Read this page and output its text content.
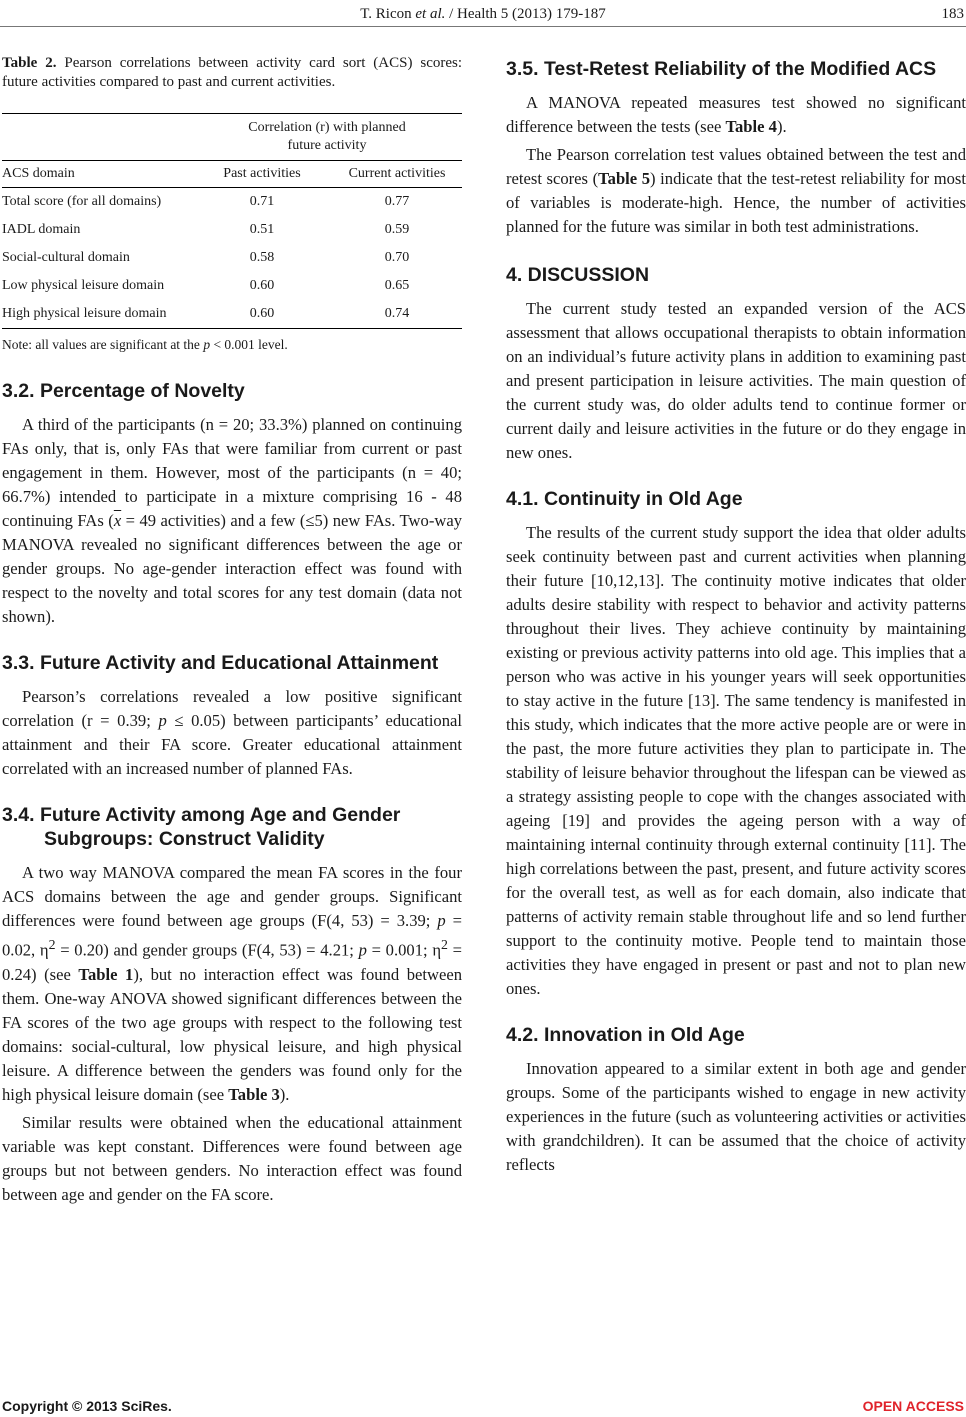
T. Ricon et al. / Health 5 (2013) 179-187	183

Table 2. Pearson correlations between activity card sort (ACS) scores: future activities compared to past and current activities.

	Correlation (r) with planned
future activity	
ACS domain	Past activities	Current activities
Total score (for all domains)	0.71	0.77
IADL domain	0.51	0.59
Social-cultural domain	0.58	0.70
Low physical leisure domain	0.60	0.65
High physical leisure domain	0.60	0.74

Note: all values are significant at the p < 0.001 level.

3.2. Percentage of Novelty

A third of the participants (n = 20; 33.3%) planned on continuing FAs only, that is, only FAs that were familiar from current or past engagement in them. However, most of the participants (n = 40; 66.7%) intended to participate in a mixture comprising 16 - 48 continuing FAs ($\overline{x} = 49$ activities) and a few (≤5) new FAs. Two-way MANOVA revealed no significant differences between the age or gender groups. No age-gender interaction effect was found with respect to the novelty and total scores for any test domain (data not shown).

3.3. Future Activity and Educational Attainment

Pearson’s correlations revealed a low positive significant correlation (r = 0.39; p ≤ 0.05) between participants’ educational attainment and their FA score. Greater educational attainment correlated with an increased number of planned FAs.

3.4. Future Activity among Age and Gender Subgroups: Construct Validity

A two way MANOVA compared the mean FA scores in the four ACS domains between the age and gender groups. Significant differences were found between age groups (F(4, 53) = 3.39; p = 0.02, $\eta^2 = 0.20$) and gender groups (F(4, 53) = 4.21; p = 0.001; $\eta^2 = 0.24$) (see Table 1), but no interaction effect was found between them. One-way ANOVA showed significant differences between the FA scores of the two age groups with respect to the following test domains: social-cultural, low physical leisure, and high physical leisure. A difference between the genders was found only for the high physical leisure domain (see Table 3).

Similar results were obtained when the educational attainment variable was kept constant. Differences were found between age groups but not between genders. No interaction effect was found between age and gender on the FA score.

3.5. Test-Retest Reliability of the Modified ACS

A MANOVA repeated measures test showed no significant difference between the tests (see Table 4).

The Pearson correlation test values obtained between the test and retest scores (Table 5) indicate that the test-retest reliability for most of variables is moderate-high. Hence, the number of activities planned for the future was similar in both test administrations.

4. DISCUSSION

The current study tested an expanded version of the ACS assessment that allows occupational therapists to obtain information on an individual’s future activity plans in addition to examining past and present participation in leisure activities. The main question of the current study was, do older adults tend to continue former or current daily and leisure activities in the future or do they engage in new ones.

4.1. Continuity in Old Age

The results of the current study support the idea that older adults seek continuity between past and current activities when planning their future [10,12,13]. The continuity motive indicates that older adults desire stability with respect to behavior and activity patterns throughout their lives. They achieve continuity by maintaining existing or previous activity patterns into old age. This implies that a person who was active in his younger years will seek opportunities to stay active in the future [13]. The same tendency is manifested in this study, which indicates that the more active people are or were in the past, the more future activities they plan to participate in. The stability of leisure behavior throughout the lifespan can be viewed as a strategy assisting people to cope with the changes associated with ageing [19] and provides the ageing person with a way of maintaining internal continuity through external continuity [11]. The high correlations between the past, present, and future activity scores for the overall test, as well as for each domain, also indicate that patterns of activity remain stable throughout life and so lend further support to the continuity motive. People tend to maintain those activities they have engaged in present or past and not to plan new ones.

4.2. Innovation in Old Age

Innovation appeared to a similar extent in both age and gender groups. Some of the participants wished to engage in new activity experiences in the future (such as volunteering activities or activities with grandchildren). It can be assumed that the choice of activity reflects

Copyright © 2013 SciRes.	OPEN ACCESS
